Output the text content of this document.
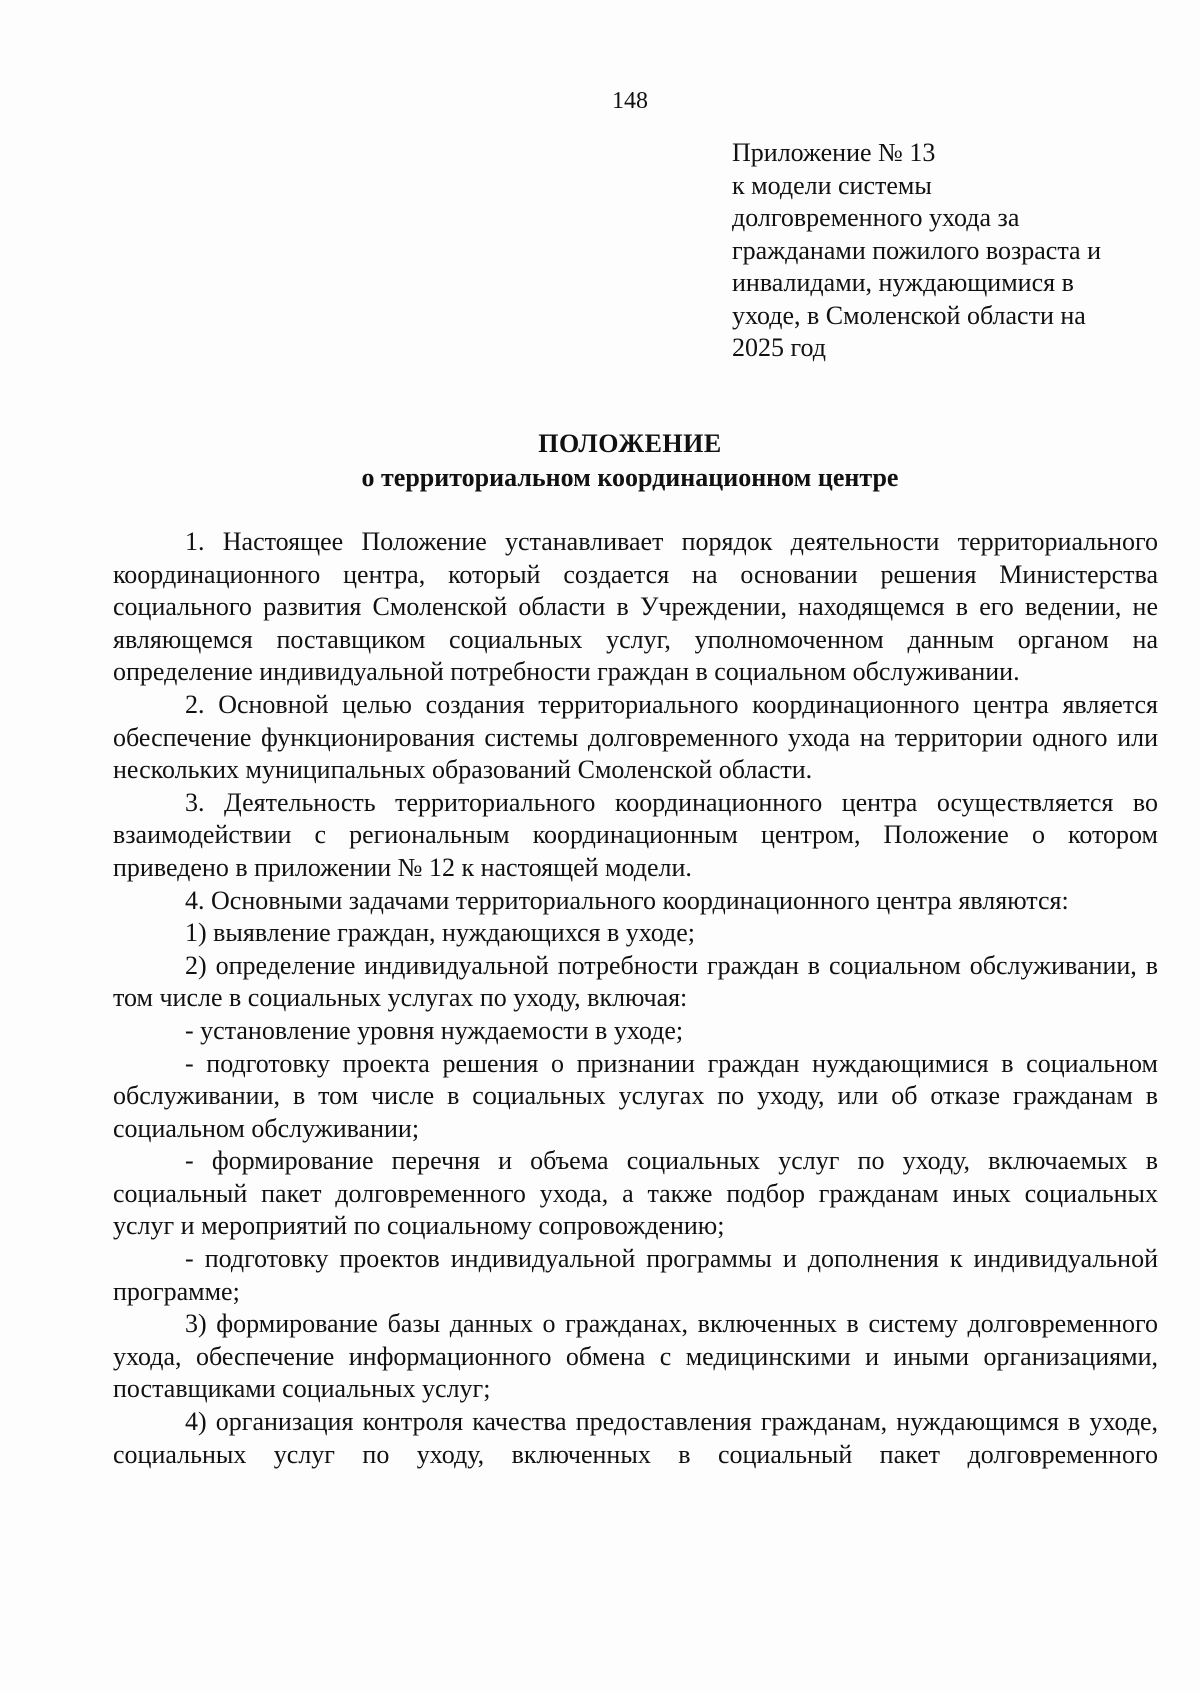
148
Приложение № 13
к модели системы
долговременного ухода за
гражданами пожилого возраста и
инвалидами, нуждающимися в
уходе, в Смоленской области на
2025 год
ПОЛОЖЕНИЕ
о территориальном координационном центре

1. Настоящее Положение устанавливает порядок деятельности территориального координационного центра, который создается на основании решения Министерства социального развития Смоленской области в Учреждении, находящемся в его ведении, не являющемся поставщиком социальных услуг, уполномоченном данным органом на определение индивидуальной потребности граждан в социальном обслуживании.

2. Основной целью создания территориального координационного центра является обеспечение функционирования системы долговременного ухода на территории одного или нескольких муниципальных образований Смоленской области.

3. Деятельность территориального координационного центра осуществляется во взаимодействии с региональным координационным центром, Положение о котором приведено в приложении № 12 к настоящей модели.

4. Основными задачами территориального координационного центра являются:

1) выявление граждан, нуждающихся в уходе;

2) определение индивидуальной потребности граждан в социальном обслуживании, в том числе в социальных услугах по уходу, включая:

- установление уровня нуждаемости в уходе;

- подготовку проекта решения о признании граждан нуждающимися в социальном обслуживании, в том числе в социальных услугах по уходу, или об отказе гражданам в социальном обслуживании;

- формирование перечня и объема социальных услуг по уходу, включаемых в социальный пакет долговременного ухода, а также подбор гражданам иных социальных услуг и мероприятий по социальному сопровождению;

- подготовку проектов индивидуальной программы и дополнения к индивидуальной программе;

3) формирование базы данных о гражданах, включенных в систему долговременного ухода, обеспечение информационного обмена с медицинскими и иными организациями, поставщиками социальных услуг;

4) организация контроля качества предоставления гражданам, нуждающимся в уходе, социальных услуг по уходу, включенных в социальный пакет долговременного
